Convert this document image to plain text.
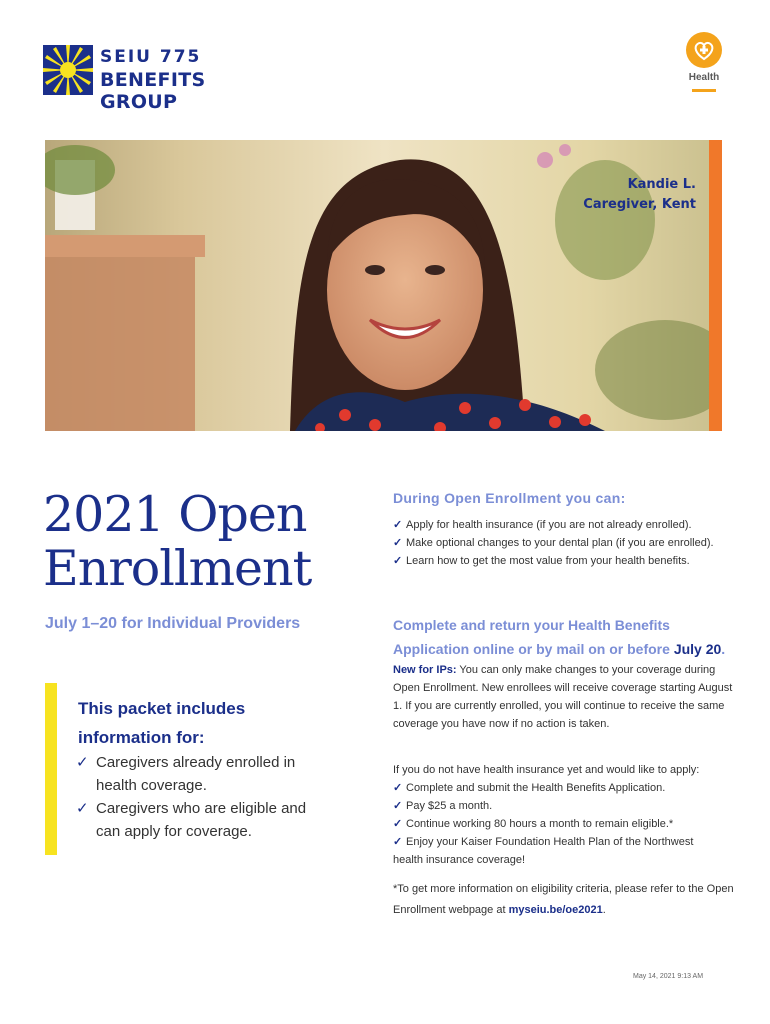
SEIU 775
BENEFITS GROUP
Health
Kandie L.
Caregiver, Kent
2021 Open Enrollment
July 1–20 for Individual Providers
This packet includes
information for:
✓ Caregivers already enrolled in health coverage.
✓ Caregivers who are eligible and can apply for coverage.
During Open Enrollment you can:
✓ Apply for health insurance (if you are not already enrolled).
✓ Make optional changes to your dental plan (if you are enrolled).
✓ Learn how to get the most value from your health benefits.
Complete and return your Health Benefits Application online or by mail on or before July 20.
New for IPs: You can only make changes to your coverage during Open Enrollment. New enrollees will receive coverage starting August 1. If you are currently enrolled, you will continue to receive the same coverage you have now if no action is taken.
If you do not have health insurance yet and would like to apply:
✓ Complete and submit the Health Benefits Application.
✓ Pay $25 a month.
✓ Continue working 80 hours a month to remain eligible.*
✓ Enjoy your Kaiser Foundation Health Plan of the Northwest
health insurance coverage!
*To get more information on eligibility criteria, please refer to the Open Enrollment webpage at myseiu.be/oe2021.
May 14, 2021 9:13 AM
